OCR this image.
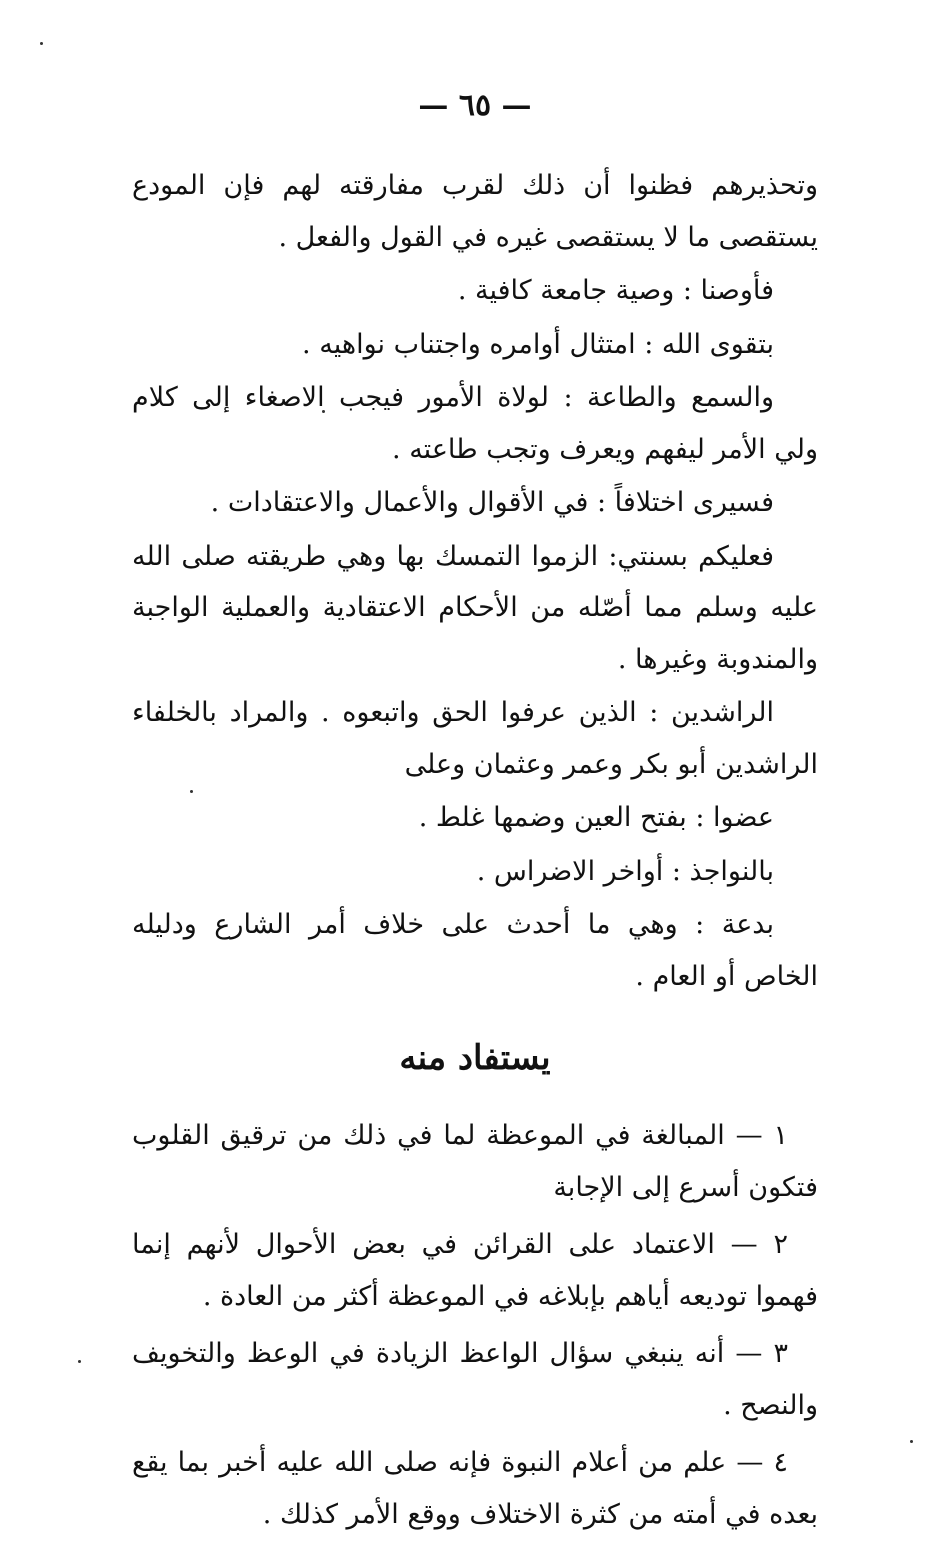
— ٦٥ —

وتحذيرهم فظنوا أن ذلك لقرب مفارقته لهم فإن المودع يستقصى ما لا يستقصى غيره في القول والفعل .

فأوصنا : وصية جامعة كافية .

بتقوى الله : امتثال أوامره واجتناب نواهيه .

والسمع والطاعة : لولاة الأمور فيجب الاصغاء إلى كلام ولي الأمر ليفهم ويعرف وتجب طاعته .

فسيرى اختلافاً : في الأقوال والأعمال والاعتقادات .

فعليكم بسنتي: الزموا التمسك بها وهي طريقته صلى الله عليه وسلم مما أصّله من الأحكام الاعتقادية والعملية الواجبة والمندوبة وغيرها .

الراشدين : الذين عرفوا الحق واتبعوه . والمراد بالخلفاء الراشدين أبو بكر وعمر وعثمان وعلى

عضوا : بفتح العين وضمها غلط .

بالنواجذ : أواخر الاضراس .

بدعة : وهي ما أحدث على خلاف أمر الشارع ودليله الخاص أو العام .

يستفاد منه

١ — المبالغة في الموعظة لما في ذلك من ترقيق القلوب فتكون أسرع إلى الإجابة

٢ — الاعتماد على القرائن في بعض الأحوال لأنهم إنما فهموا توديعه أياهم بإبلاغه في الموعظة أكثر من العادة .

٣ — أنه ينبغي سؤال الواعظ الزيادة في الوعظ والتخويف والنصح .

٤ — علم من أعلام النبوة فإنه صلى الله عليه أخبر بما يقع بعده في أمته من كثرة الاختلاف ووقع الأمر كذلك .
